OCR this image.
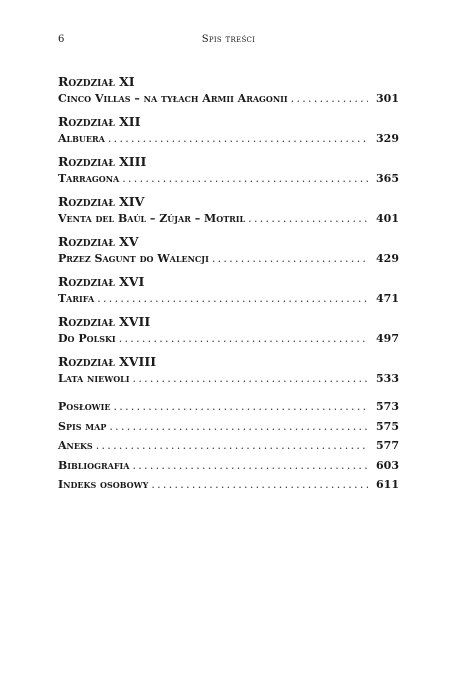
6	Spis treści
Rozdział XI
Cinco Villas – na tyłach Armii Aragonii . . .	301
Rozdział XII
Albuera . . .	329
Rozdział XIII
Tarragona . . .	365
Rozdział XIV
Venta del Baúl – Zújar – Motril . . .	401
Rozdział XV
Przez Sagunt do Walencji . . .	429
Rozdział XVI
Tarifa . . .	471
Rozdział XVII
Do Polski . . .	497
Rozdział XVIII
Lata niewoli . . .	533
Posłowie . . .	573
Spis map . . .	575
Aneks . . .	577
Bibliografia . . .	603
Indeks osobowy . . .	611
